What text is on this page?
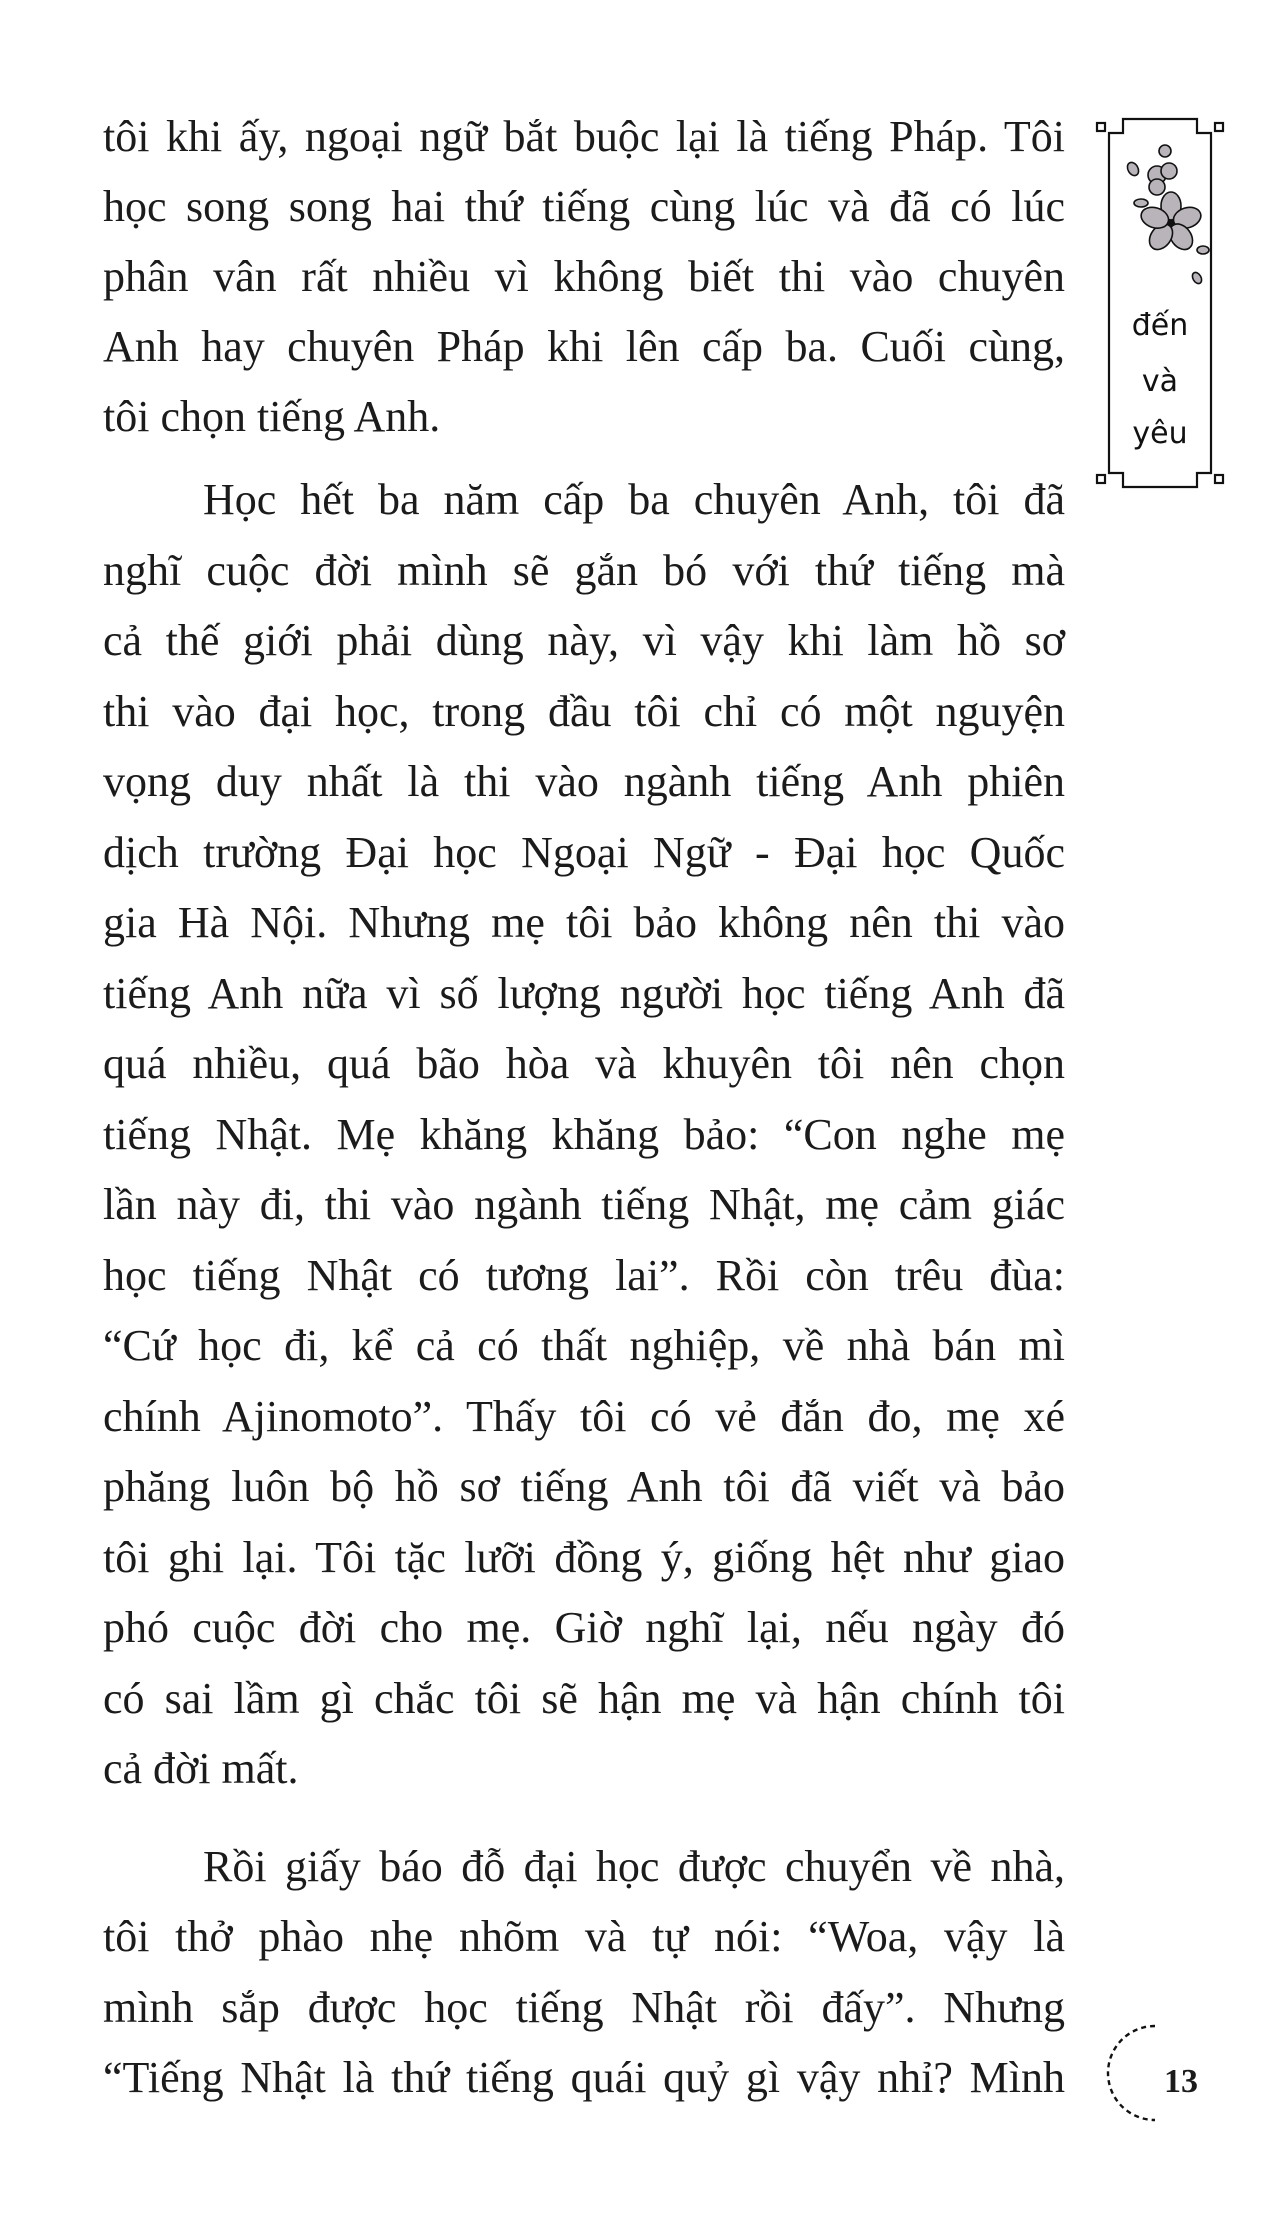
tôi khi ấy, ngoại ngữ bắt buộc lại là tiếng Pháp. Tôi
học song song hai thứ tiếng cùng lúc và đã có lúc
phân vân rất nhiều vì không biết thi vào chuyên
Anh hay chuyên Pháp khi lên cấp ba. Cuối cùng,
tôi chọn tiếng Anh.
Học hết ba năm cấp ba chuyên Anh, tôi đã
nghĩ cuộc đời mình sẽ gắn bó với thứ tiếng mà
cả thế giới phải dùng này, vì vậy khi làm hồ sơ
thi vào đại học, trong đầu tôi chỉ có một nguyện
vọng duy nhất là thi vào ngành tiếng Anh phiên
dịch trường Đại học Ngoại Ngữ - Đại học Quốc
gia Hà Nội. Nhưng mẹ tôi bảo không nên thi vào
tiếng Anh nữa vì số lượng người học tiếng Anh đã
quá nhiều, quá bão hòa và khuyên tôi nên chọn
tiếng Nhật. Mẹ khăng khăng bảo: “Con nghe mẹ
lần này đi, thi vào ngành tiếng Nhật, mẹ cảm giác
học tiếng Nhật có tương lai”. Rồi còn trêu đùa:
“Cứ học đi, kể cả có thất nghiệp, về nhà bán mì
chính Ajinomoto”. Thấy tôi có vẻ đắn đo, mẹ xé
phăng luôn bộ hồ sơ tiếng Anh tôi đã viết và bảo
tôi ghi lại. Tôi tặc lưỡi đồng ý, giống hệt như giao
phó cuộc đời cho mẹ. Giờ nghĩ lại, nếu ngày đó
có sai lầm gì chắc tôi sẽ hận mẹ và hận chính tôi
cả đời mất.
Rồi giấy báo đỗ đại học được chuyển về nhà,
tôi thở phào nhẹ nhõm và tự nói: “Woa, vậy là
mình sắp được học tiếng Nhật rồi đấy”. Nhưng
“Tiếng Nhật là thứ tiếng quái quỷ gì vậy nhỉ? Mình
đến
và
yêu
13
